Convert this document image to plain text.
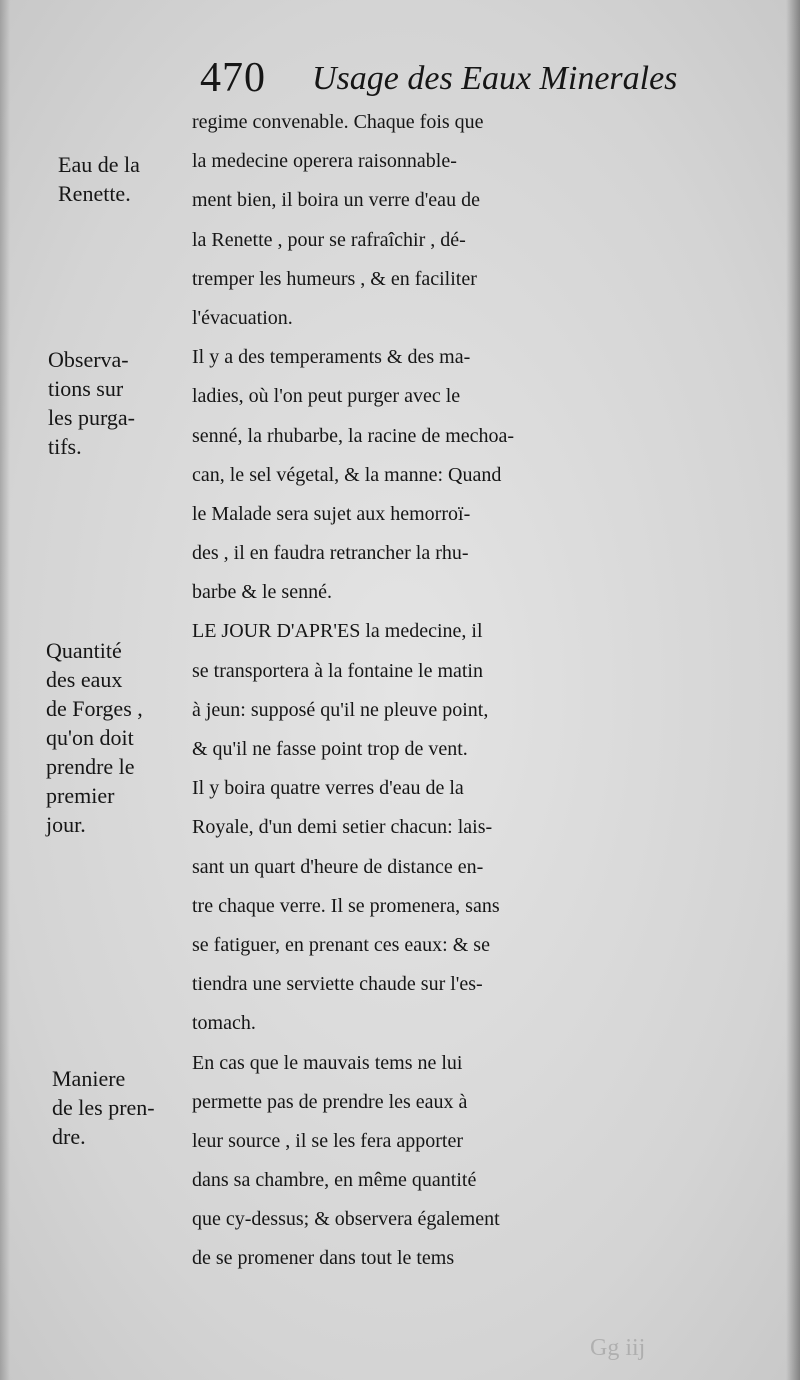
470 Usage des Eaux Minerales
Eau de la
Renette.
Observa-
tions sur
les purga-
tifs.
Quantité
des eaux
de Forges ,
qu'on doit
prendre le
premier
jour.
Maniere
de les pren-
dre.
regime convenable. Chaque fois que
la medecine operera raisonnable-
ment bien, il boira un verre d'eau de
la Renette , pour se rafraîchir , dé-
tremper les humeurs , & en faciliter
l'évacuation.
Il y a des temperaments & des ma-
ladies, où l'on peut purger avec le
senné, la rhubarbe, la racine de mechoa-
can, le sel végetal, & la manne: Quand
le Malade sera sujet aux hemorroï-
des , il en faudra retrancher la rhu-
barbe & le senné.
LE JOUR D'APR'ES la medecine, il
se transportera à la fontaine le matin
à jeun: supposé qu'il ne pleuve point,
& qu'il ne fasse point trop de vent.
Il y boira quatre verres d'eau de la
Royale, d'un demi setier chacun: lais-
sant un quart d'heure de distance en-
tre chaque verre. Il se promenera, sans
se fatiguer, en prenant ces eaux: & se
tiendra une serviette chaude sur l'es-
tomach.
En cas que le mauvais tems ne lui
permette pas de prendre les eaux à
leur source , il se les fera apporter
dans sa chambre, en même quantité
que cy-dessus; & observera également
de se promener dans tout le tems
Gg iij
